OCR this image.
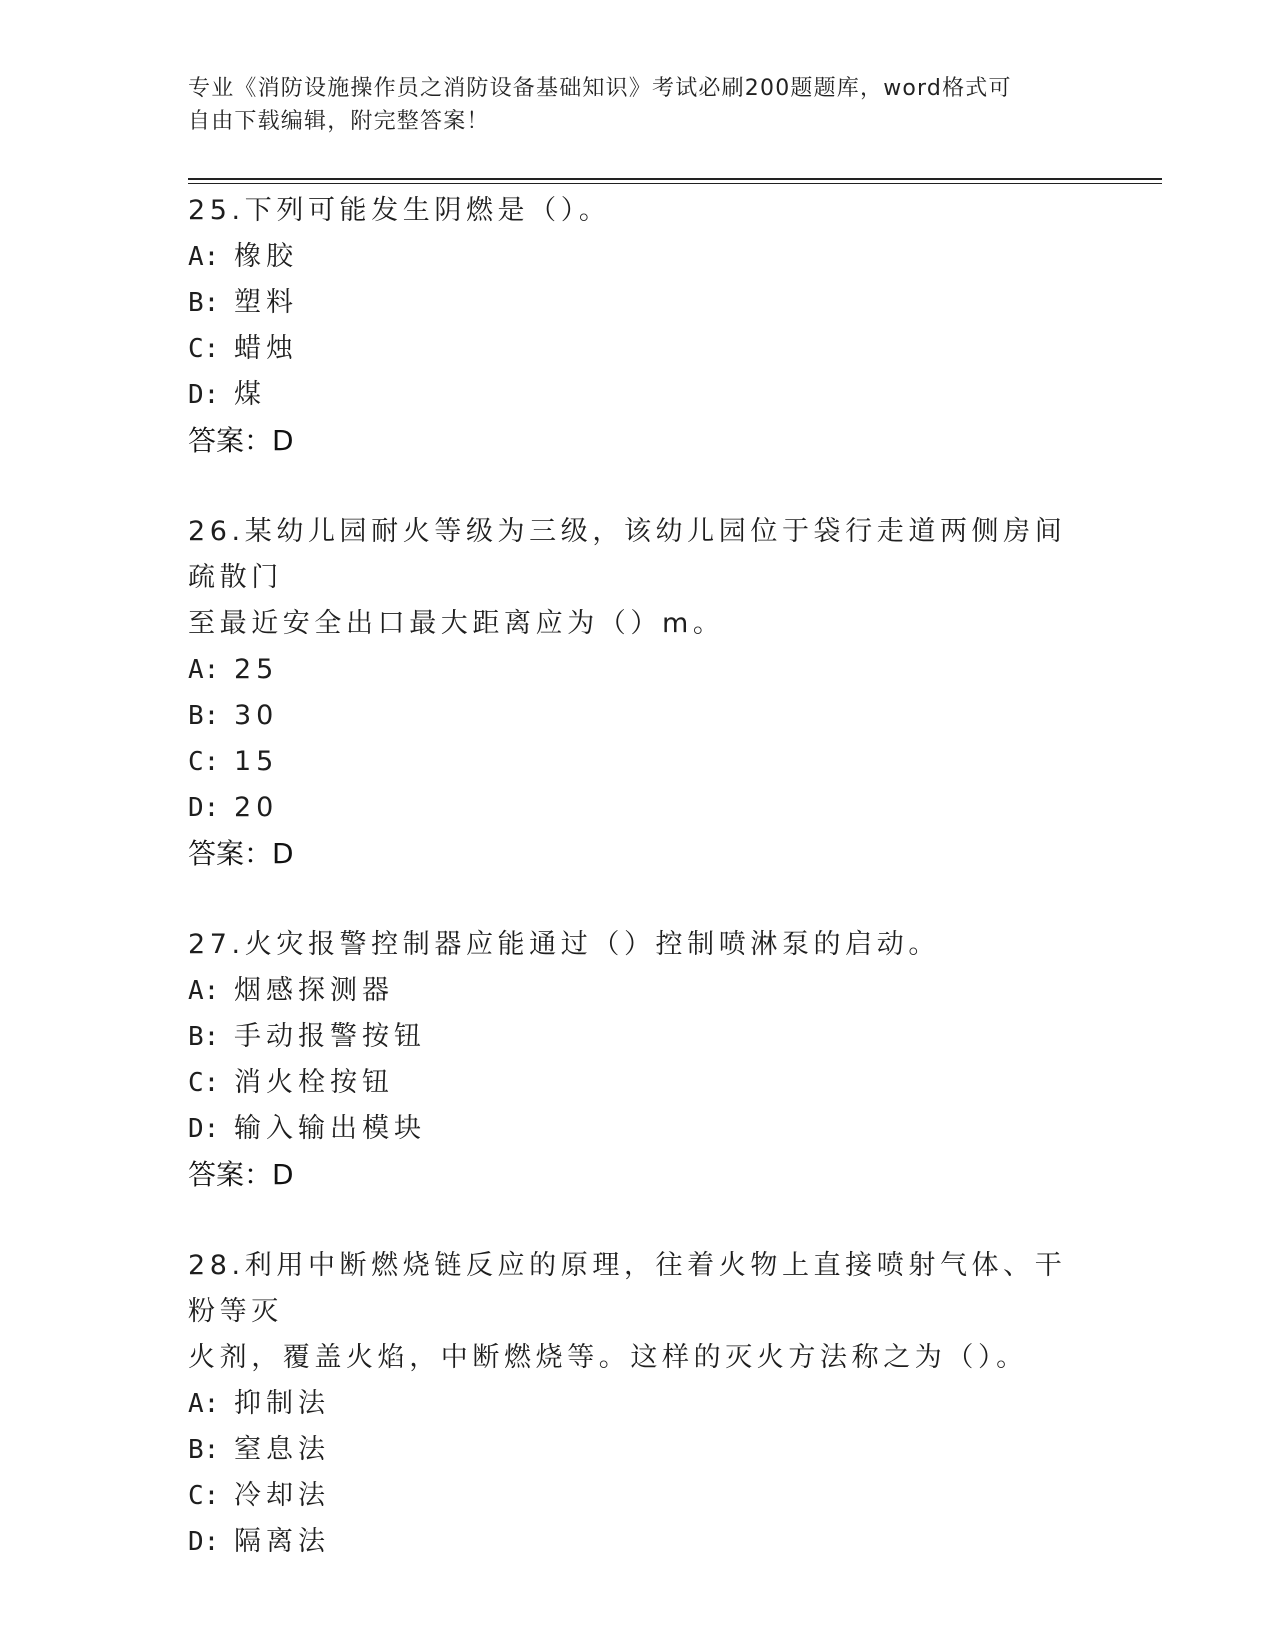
专业《消防设施操作员之消防设备基础知识》考试必刷200题题库，word格式可
自由下载编辑，附完整答案！
25.下列可能发生阴燃是（）。
A: 橡胶
B: 塑料
C: 蜡烛
D: 煤
答案：D
26.某幼儿园耐火等级为三级，该幼儿园位于袋行走道两侧房间疏散门
至最近安全出口最大距离应为（）m。
A: 25
B: 30
C: 15
D: 20
答案：D
27.火灾报警控制器应能通过（）控制喷淋泵的启动。
A: 烟感探测器
B: 手动报警按钮
C: 消火栓按钮
D: 输入输出模块
答案：D
28.利用中断燃烧链反应的原理，往着火物上直接喷射气体、干粉等灭
火剂，覆盖火焰，中断燃烧等。这样的灭火方法称之为（）。
A: 抑制法
B: 窒息法
C: 冷却法
D: 隔离法
